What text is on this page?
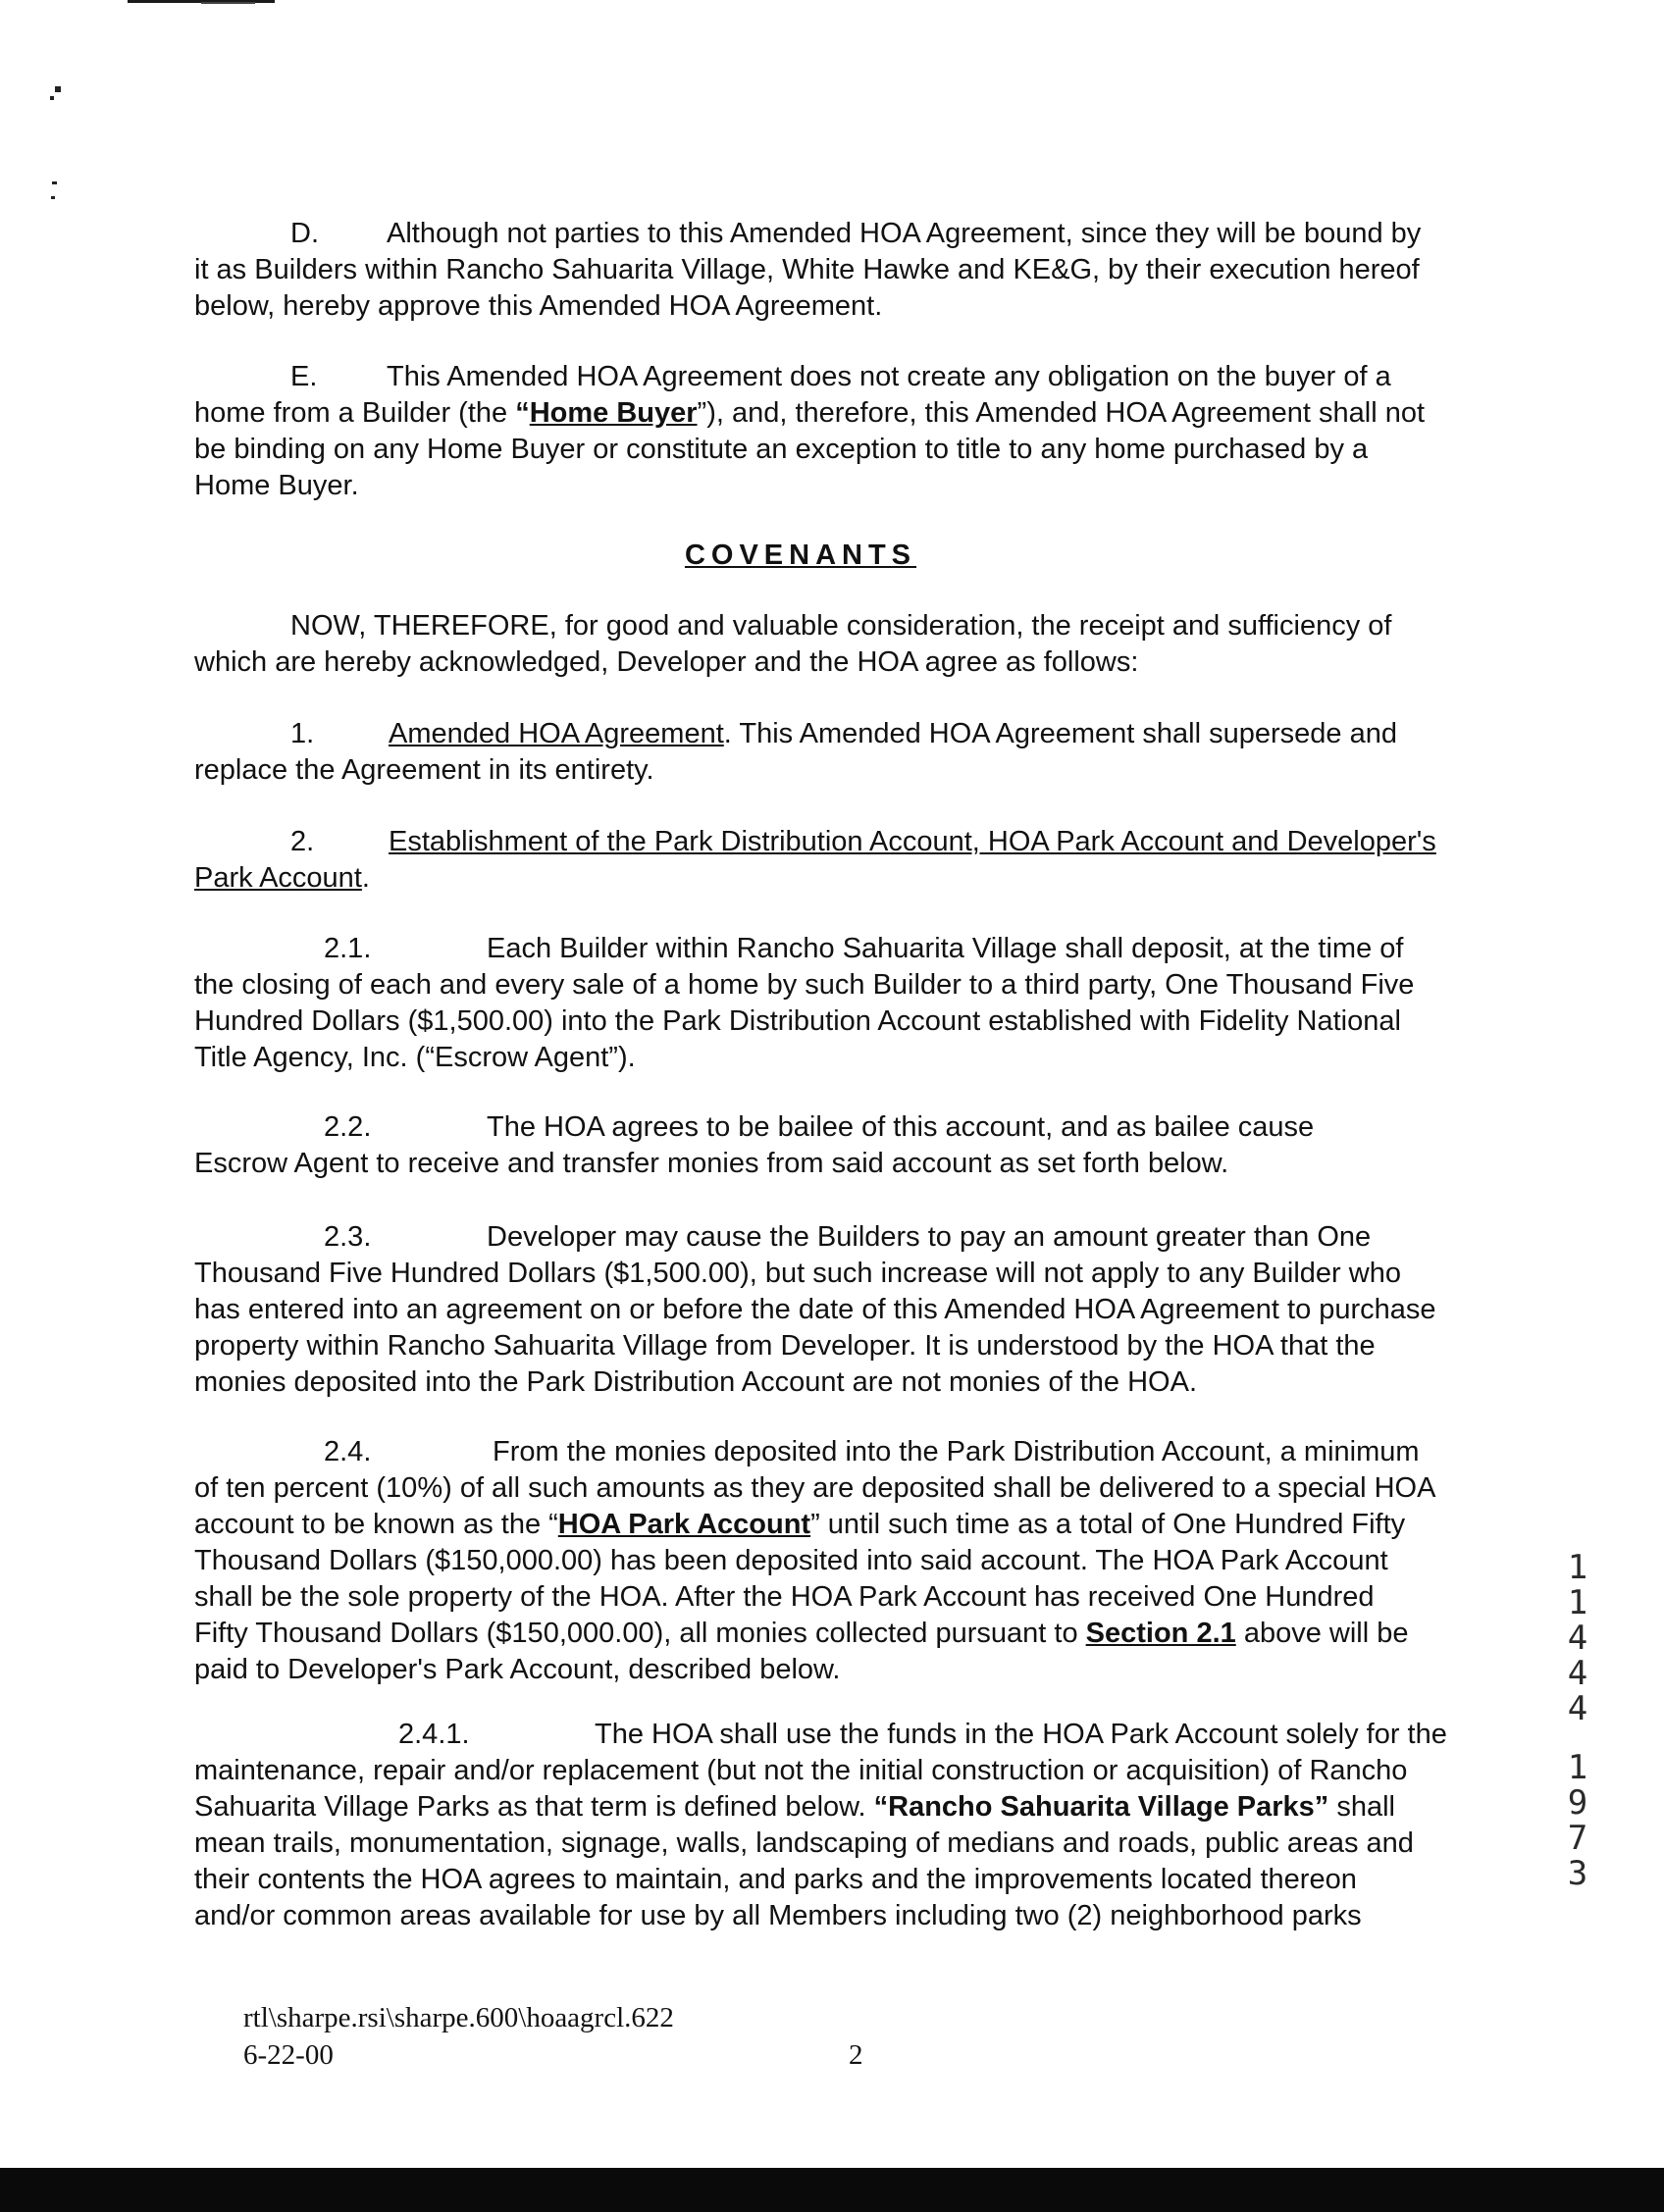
D. Although not parties to this Amended HOA Agreement, since they will be bound by
it as Builders within Rancho Sahuarita Village, White Hawke and KE&G, by their execution hereof
below, hereby approve this Amended HOA Agreement.
E. This Amended HOA Agreement does not create any obligation on the buyer of a
home from a Builder (the “Home Buyer”), and, therefore, this Amended HOA Agreement shall not
be binding on any Home Buyer or constitute an exception to title to any home purchased by a
Home Buyer.
COVENANTS
NOW, THEREFORE, for good and valuable consideration, the receipt and sufficiency of
which are hereby acknowledged, Developer and the HOA agree as follows:
1.	Amended HOA Agreement. This Amended HOA Agreement shall supersede and
replace the Agreement in its entirety.
2.	Establishment of the Park Distribution Account, HOA Park Account and Developer's
Park Account.
2.1.	Each Builder within Rancho Sahuarita Village shall deposit, at the time of
the closing of each and every sale of a home by such Builder to a third party, One Thousand Five
Hundred Dollars ($1,500.00) into the Park Distribution Account established with Fidelity National
Title Agency, Inc. (“Escrow Agent”).
2.2.	The HOA agrees to be bailee of this account, and as bailee cause
Escrow Agent to receive and transfer monies from said account as set forth below.
2.3.	Developer may cause the Builders to pay an amount greater than One
Thousand Five Hundred Dollars ($1,500.00), but such increase will not apply to any Builder who
has entered into an agreement on or before the date of this Amended HOA Agreement to purchase
property within Rancho Sahuarita Village from Developer. It is understood by the HOA that the
monies deposited into the Park Distribution Account are not monies of the HOA.
2.4.	From the monies deposited into the Park Distribution Account, a minimum
of ten percent (10%) of all such amounts as they are deposited shall be delivered to a special HOA
account to be known as the “HOA Park Account” until such time as a total of One Hundred Fifty
Thousand Dollars ($150,000.00) has been deposited into said account. The HOA Park Account
shall be the sole property of the HOA. After the HOA Park Account has received One Hundred
Fifty Thousand Dollars ($150,000.00), all monies collected pursuant to Section 2.1 above will be
paid to Developer's Park Account, described below.
2.4.1.	The HOA shall use the funds in the HOA Park Account solely for the
maintenance, repair and/or replacement (but not the initial construction or acquisition) of Rancho
Sahuarita Village Parks as that term is defined below. “Rancho Sahuarita Village Parks” shall
mean trails, monumentation, signage, walls, landscaping of medians and roads, public areas and
their contents the HOA agrees to maintain, and parks and the improvements located thereon
and/or common areas available for use by all Members including two (2) neighborhood parks
1
1
4
4
4
1
9
7
3
rtl\sharpe.rsi\sharpe.600\hoaagrcl.622
6-22-00	2
